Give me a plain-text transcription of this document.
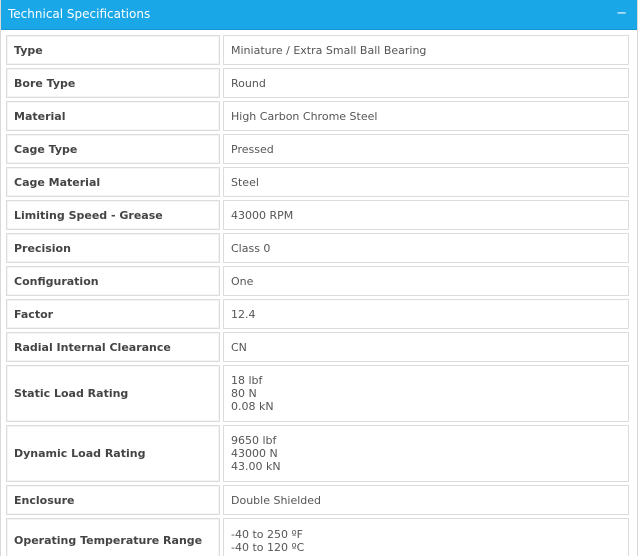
Technical Specifications	−
Type	Miniature / Extra Small Ball Bearing

Bore Type	Round

Material	High Carbon Chrome Steel

Cage Type	Pressed

Cage Material	Steel

Limiting Speed - Grease	43000 RPM

Precision	Class 0

Configuration	One

Factor	12.4

Radial Internal Clearance	CN

Static Load Rating	18 lbf
80 N
0.08 kN

Dynamic Load Rating	9650 lbf
43000 N
43.00 kN

Enclosure	Double Shielded

Operating Temperature Range	-40 to 250 ºF
-40 to 120 ºC
